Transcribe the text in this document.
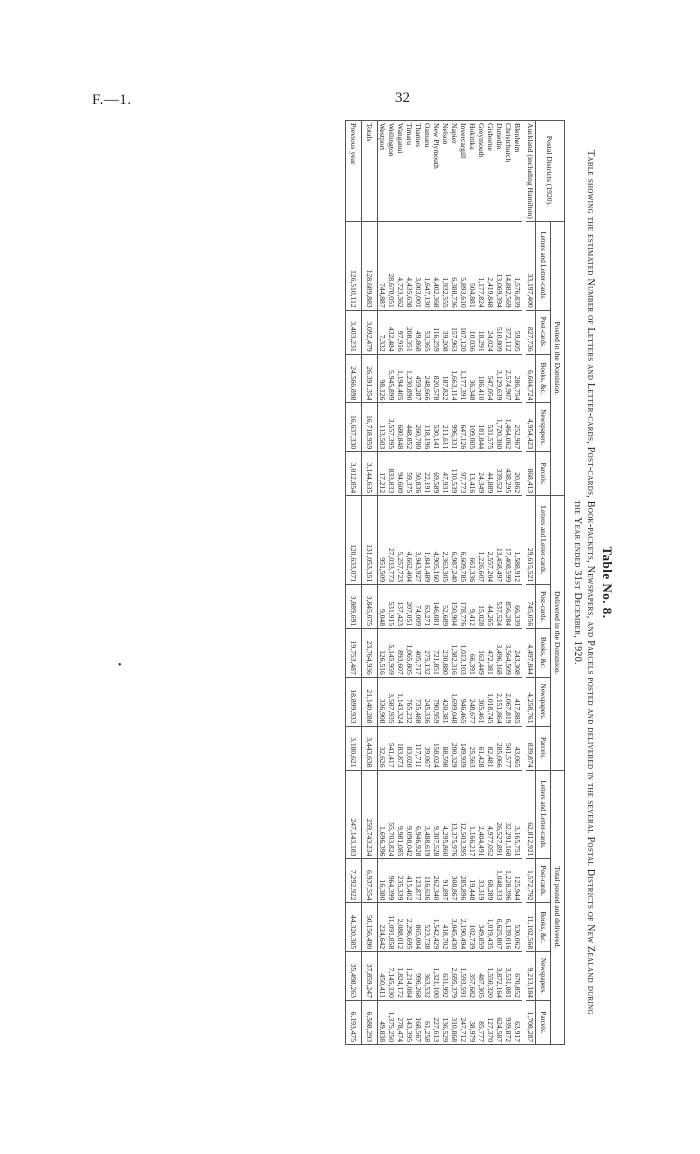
F.—1.	32
•
Table No. 8.
Table showing the estimated Number of Letters and Letter-cards, Post-cards, Book-packets, Newspapers, and Parcels posted and delivered in the several Postal Districts of New Zealand during the Year ended 31st December, 1920.
Postal Districts (1920).	Posted in the Dominion.					Delivered in the Dominion.					Total posted and delivered.				
	Letters and Letter-cards.	Post-cards.	Books, &c.	Newspapers.	Parcels.	Letters and Letter-cards.	Post-cards.	Books, &c.	Newspapers.	Parcels.	Letters and Letter-cards.	Post-cards.	Books, &c.	Newspapers.	Parcels.
Auckland (including Hamilton)	33,197,400	827,736	6,604,724	4,954,423	868,413	29,615,521	745,056	4,497,844	4,258,761	839,874	62,812,921	1,572,792	11,102,568	9,213,184	1,708,287

Blenheim	1,576,839	59,605	286,754	252,967	20,862	1,588,912	66,339	243,308	417,885	43,065	3,165,751	125,944	530,062	670,852	63,917
Christchurch	14,882,569	372,112	2,574,907	1,464,062	438,295	17,408,599	856,284	3,564,509	2,067,819	501,577	32,291,168	1,228,396	6,139,016	3,531,881	939,872
Dunedin	13,069,394	510,809	3,129,639	1,720,300	339,521	13,458,497	537,524	3,496,168	2,151,864	285,066	26,527,891	1,048,333	6,625,807	3,872,164	624,587
Gisborne	2,419,848	24,024	547,054	531,575	44,889	2,557,204	44,265	472,381	1,018,745	82,481	4,977,052	68,289	1,019,435	1,550,320	127,370
Greymouth	1,177,824	18,291	186,410	181,844	24,349	1,226,607	15,028	163,449	305,461	61,428	2,404,491	33,319	349,859	487,305	85,777
Hokitika	504,881	10,036	36,348	109,005	13,416	661,336	9,412	66,391	248,677	25,563	1,166,217	19,448	102,739	357,682	38,979
Invercargill	5,893,610	107,120	1,177,391	647,126	97,773	6,609,785	178,776	1,013,103	946,465	149,939	12,503,395	285,896	2,190,494	1,593,591	247,712
Napier	6,388,736	157,963	1,663,114	996,331	110,539	6,987,240	150,904	1,382,316	1,699,048	200,329	13,375,976	308,867	3,045,430	2,695,379	310,868
Nelson	1,932,555	39,208	187,822	211,611	47,931	2,363,305	52,689	230,880	420,381	88,598	4,295,860	91,897	418,702	631,992	136,529
New Plymouth	4,402,368	116,259	820,578	530,141	69,589	4,905,160	146,081	721,851	790,959	158,024	9,307,528	262,340	1,542,429	1,321,100	227,613
Oamaru	1,647,130	53,365	248,666	118,196	22,191	1,841,489	63,271	275,132	245,336	39,067	3,488,619	116,636	523,738	363,532	61,258
Thames	3,003,001	49,868	459,287	260,780	50,836	3,943,927	74,009	405,717	735,488	117,711	6,946,928	123,877	865,004	996,268	168,567
Timaru	4,435,638	208,351	1,230,890	448,852	59,375	4,662,404	207,051	1,065,805	765,232	83,020	9,098,042	415,402	2,296,695	1,214,084	143,395
Wanganui	4,723,362	97,916	1,194,405	680,848	94,600	5,257,723	137,423	893,607	1,143,324	183,873	9,981,085	235,339	2,088,012	1,824,172	278,474
Wellington	28,670,051	432,484	5,945,899	3,557,395	833,833	27,033,773	531,915	5,145,959	3,587,935	541,417	55,703,824	964,399	11,091,858	7,145,330	1,375,250
Westport	744,887	7,332	98,126	113,503	17,212	951,509	9,048	126,516	336,908	32,626	1,696,396	16,380	224,642	450,411	49,838
Totals	128,689,883	3,092,479	26,391,354	16,718,959	3,144,635	131,053,351	3,845,075	23,764,936	21,140,288	3,443,638	259,743,234	6,937,554	50,156,490	37,859,247	6,588,293
Previous year	126,510,112	3,403,231	24,566,898	16,637,330	3,012,854	120,633,071	3,889,691	19,753,487	18,899,933	3,180,621	247,143,183	7,292,922	44,320,385	35,498,263	6,193,475
